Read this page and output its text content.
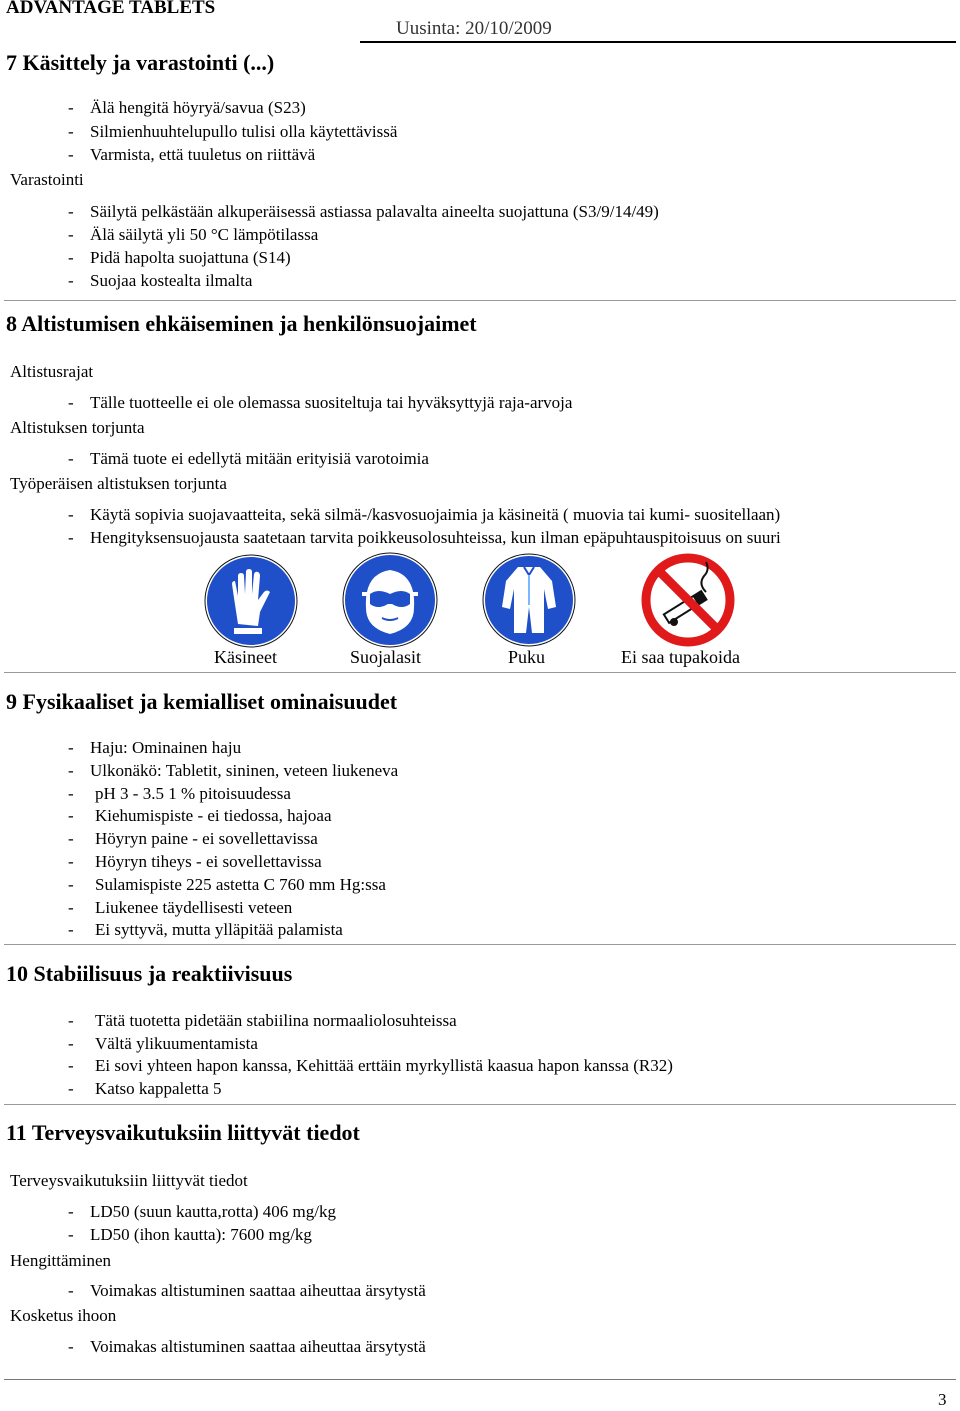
ADVANTAGE TABLETS
Uusinta: 20/10/2009
7 Käsittely ja varastointi (...)
- Älä hengitä höyryä/savua (S23)
- Silmienhuuhtelupullo tulisi olla käytettävissä
- Varmista, että tuuletus on riittävä
Varastointi
- Säilytä pelkästään alkuperäisessä astiassa palavalta aineelta suojattuna (S3/9/14/49)
- Älä säilytä yli 50 °C lämpötilassa
- Pidä hapolta suojattuna (S14)
- Suojaa kostealta ilmalta
8 Altistumisen ehkäiseminen ja henkilönsuojaimet
Altistusrajat
- Tälle tuotteelle ei ole olemassa suositeltuja tai hyväksyttyjä raja-arvoja
Altistuksen torjunta
- Tämä tuote ei edellytä mitään erityisiä varotoimia
Työperäisen altistuksen torjunta
- Käytä sopivia suojavaatteita, sekä silmä-/kasvosuojaimia ja käsineitä ( muovia tai kumi- suositellaan)
- Hengityksensuojausta saatetaan tarvita poikkeusolosuhteissa, kun ilman epäpuhtauspitoisuus on suuri
Käsineet	Suojalasit	Puku	Ei saa tupakoida
9 Fysikaaliset ja kemialliset ominaisuudet
- Haju: Ominainen haju
- Ulkonäkö: Tabletit, sininen, veteen liukeneva
- pH 3 - 3.5 1 % pitoisuudessa
- Kiehumispiste - ei tiedossa, hajoaa
- Höyryn paine - ei sovellettavissa
- Höyryn tiheys - ei sovellettavissa
- Sulamispiste 225 astetta C 760 mm Hg:ssa
- Liukenee täydellisesti veteen
- Ei syttyvä, mutta ylläpitää palamista
10 Stabiilisuus ja reaktiivisuus
- Tätä tuotetta pidetään stabiilina normaaliolosuhteissa
- Vältä ylikuumentamista
- Ei sovi yhteen hapon kanssa, Kehittää erttäin myrkyllistä kaasua hapon kanssa (R32)
- Katso kappaletta 5
11 Terveysvaikutuksiin liittyvät tiedot
Terveysvaikutuksiin liittyvät tiedot
- LD50 (suun kautta,rotta) 406 mg/kg
- LD50 (ihon kautta): 7600 mg/kg
Hengittäminen
- Voimakas altistuminen saattaa aiheuttaa ärsytystä
Kosketus ihoon
- Voimakas altistuminen saattaa aiheuttaa ärsytystä
3
